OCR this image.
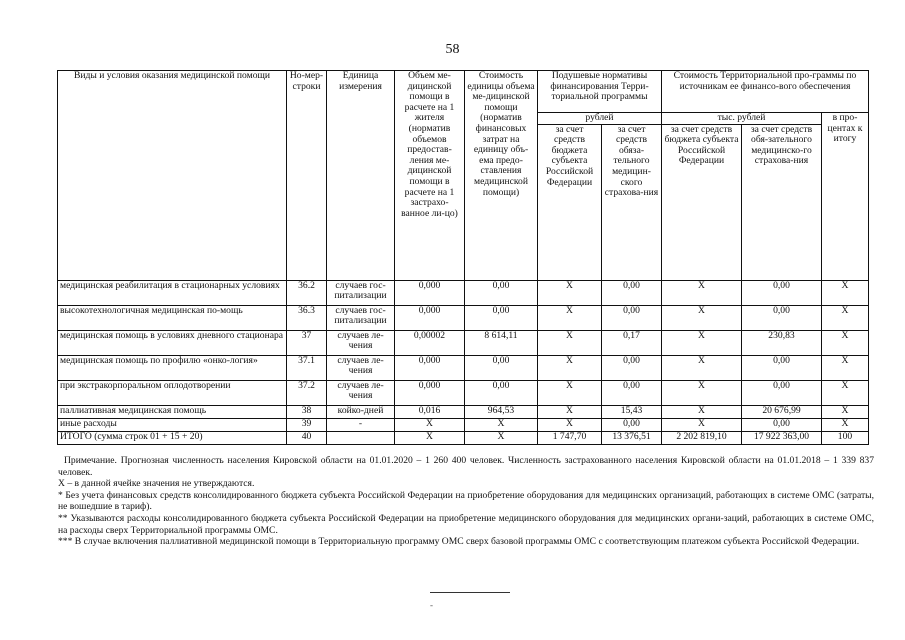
58
Виды и условия оказания медицинской помощи	Но-мер-строки	Единица измерения	Объем ме-дицинской помощи в расчете на 1 жителя (норматив объемов предостав-ления ме-дицинской помощи в расчете на 1 застрахо-ванное ли-цо)	Стоимость единицы объема ме-дицинской помощи (норматив финансовых затрат на единицу объ-ема предо-ставления медицинской помощи)	Подушевые нормативы финансирования Терри-ториальной программы		Стоимость Территориальной про-граммы по источникам ее финансо-вого обеспечения		
					рублей		тыс. рублей		в про-центах к итогу
					за счет средств бюджета субъекта Российской Федерации	за счет средств обяза-тельного медицин-ского страхова-ния	за счет средств бюджета субъекта Российской Федерации	за счет средств обя-зательного медицинско-го страхова-ния	
медицинская реабилитация в стационарных условиях	36.2	случаев гос-питализации	0,000	0,00	X	0,00	X	0,00	X
высокотехнологичная медицинская по-мощь	36.3	случаев гос-питализации	0,000	0,00	X	0,00	X	0,00	X
медицинская помощь в условиях дневного стационара	37	случаев ле-чения	0,00002	8 614,11	X	0,17	X	230,83	X
медицинская помощь по профилю «онко-логия»	37.1	случаев ле-чения	0,000	0,00	X	0,00	X	0,00	X
при экстракорпоральном оплодотворении	37.2	случаев ле-чения	0,000	0,00	X	0,00	X	0,00	X
паллиативная медицинская помощь	38	койко-дней	0,016	964,53	X	15,43	X	20 676,99	X
иные расходы	39	-	X	X	X	0,00	X	0,00	X
ИТОГО (сумма строк 01 + 15 + 20)	40		X	X	1 747,70	13 376,51	2 202 819,10	17 922 363,00	100

Примечание. Прогнозная численность населения Кировской области на 01.01.2020 – 1 260 400 человек. Численность застрахованного населения Кировской области на 01.01.2018 – 1 339 837 человек.

Х – в данной ячейке значения не утверждаются.

* Без учета финансовых средств консолидированного бюджета субъекта Российской Федерации на приобретение оборудования для медицинских организаций, работающих в системе ОМС (затраты, не вошедшие в тариф).

** Указываются расходы консолидированного бюджета субъекта Российской Федерации на приобретение медицинского оборудования для медицинских органи-заций, работающих в системе ОМС, на расходы сверх Территориальной программы ОМС.

*** В случае включения паллиативной медицинской помощи в Территориальную программу ОМС сверх базовой программы ОМС с соответствующим платежом субъекта Российской Федерации.

-
